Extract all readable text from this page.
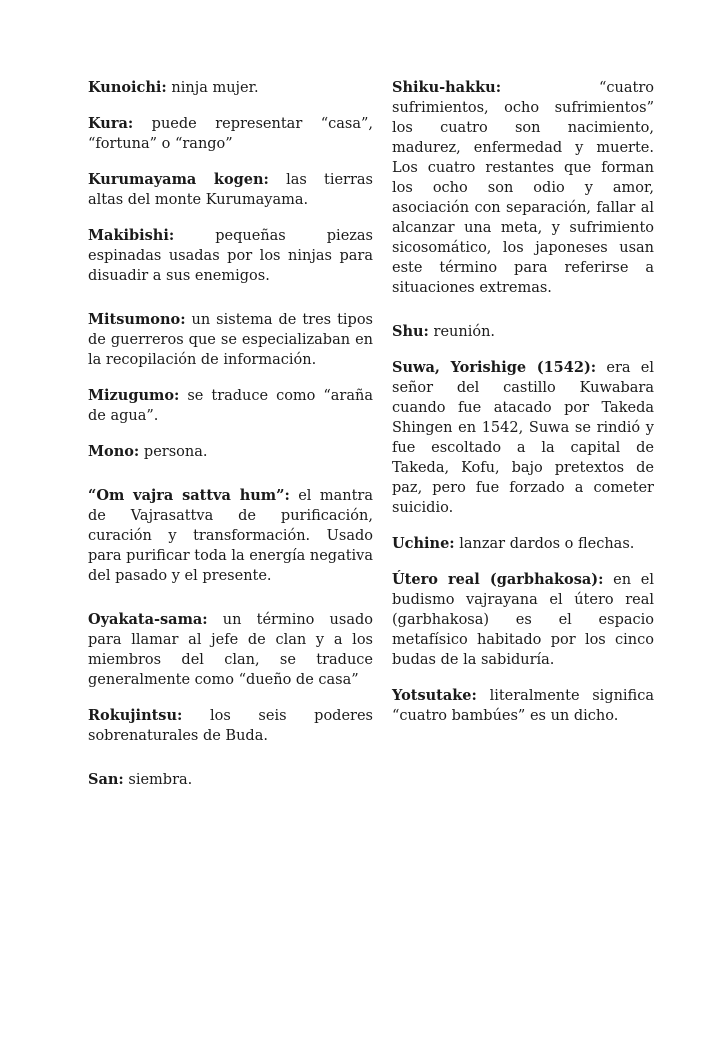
Kunoichi: ninja mujer.

Kura: puede representar “casa”, “fortuna” o “rango”

Kurumayama kogen: las tierras altas del monte Kurumayama.

Makibishi: pequeñas piezas espinadas usadas por los ninjas para disuadir a sus enemigos.

Mitsumono: un sistema de tres tipos de guerreros que se especializaban en la recopilación de información.

Mizugumo: se traduce como “araña de agua”.

Mono: persona.

“Om vajra sattva hum”: el mantra de Vajrasattva de purificación, curación y transformación. Usado para purificar toda la energía negativa del pasado y el presente.

Oyakata-sama: un término usado para llamar al jefe de clan y a los miembros del clan, se traduce generalmente como “dueño de casa”

Rokujintsu: los seis poderes sobrenaturales de Buda.

San: siembra.

Shiku-hakku: “cuatro sufrimientos, ocho sufrimientos” los cuatro son nacimiento, madurez, enfermedad y muerte. Los cuatro restantes que forman los ocho son odio y amor, asociación con separación, fallar al alcanzar una meta, y sufrimiento sicosomático, los japoneses usan este término para referirse a situaciones extremas.

Shu: reunión.

Suwa, Yorishige (1542): era el señor del castillo Kuwabara cuando fue atacado por Takeda Shingen en 1542, Suwa se rindió y fue escoltado a la capital de Takeda, Kofu, bajo pretextos de paz, pero fue forzado a cometer suicidio.

Uchine: lanzar dardos o flechas.

Útero real (garbhakosa): en el budismo vajrayana el útero real (garbhakosa) es el espacio metafísico habitado por los cinco budas de la sabiduría.

Yotsutake: literalmente significa “cuatro bambúes” es un dicho.
